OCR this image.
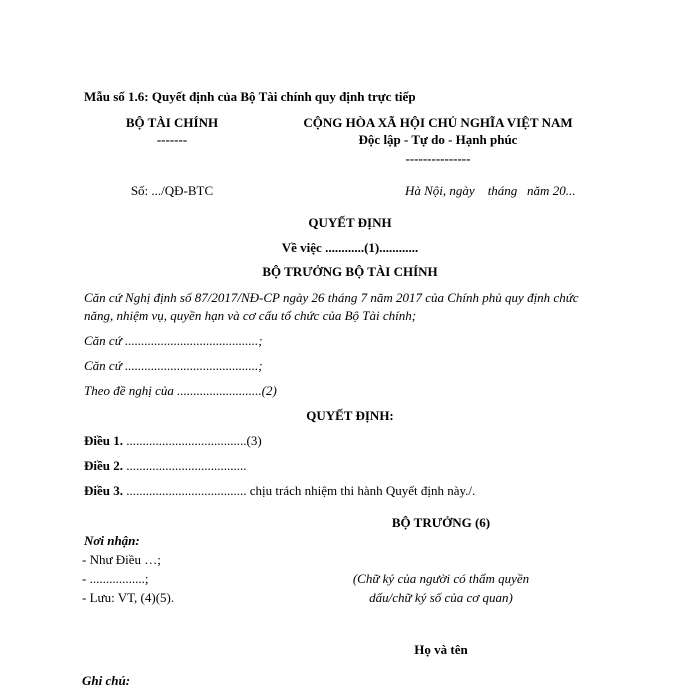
Mẫu số 1.6: Quyết định của Bộ Tài chính quy định trực tiếp
BỘ TÀI CHÍNH
-------
CỘNG HÒA XÃ HỘI CHỦ NGHĨA VIỆT NAM
Độc lập - Tự do - Hạnh phúc
---------------
Số: .../QĐ-BTC	Hà Nội, ngày    tháng   năm 20...
QUYẾT ĐỊNH
Về việc ............(1)............
BỘ TRƯỞNG BỘ TÀI CHÍNH
Căn cứ Nghị định số 87/2017/NĐ-CP ngày 26 tháng 7 năm 2017 của Chính phủ quy định chức
năng, nhiệm vụ, quyền hạn và cơ cấu tổ chức của Bộ Tài chính;
Căn cứ .........................................;
Căn cứ .........................................;
Theo đề nghị của ..........................(2)
QUYẾT ĐỊNH:
Điều 1. .....................................(3)
Điều 2. .....................................
Điều 3. ..................................... chịu trách nhiệm thi hành Quyết định này./.
BỘ TRƯỞNG (6)
Nơi nhận:
- Như Điều …;
- .................;
- Lưu: VT, (4)(5).
(Chữ ký của người có thẩm quyền
dấu/chữ ký số của cơ quan)
Họ và tên
Ghi chú:
